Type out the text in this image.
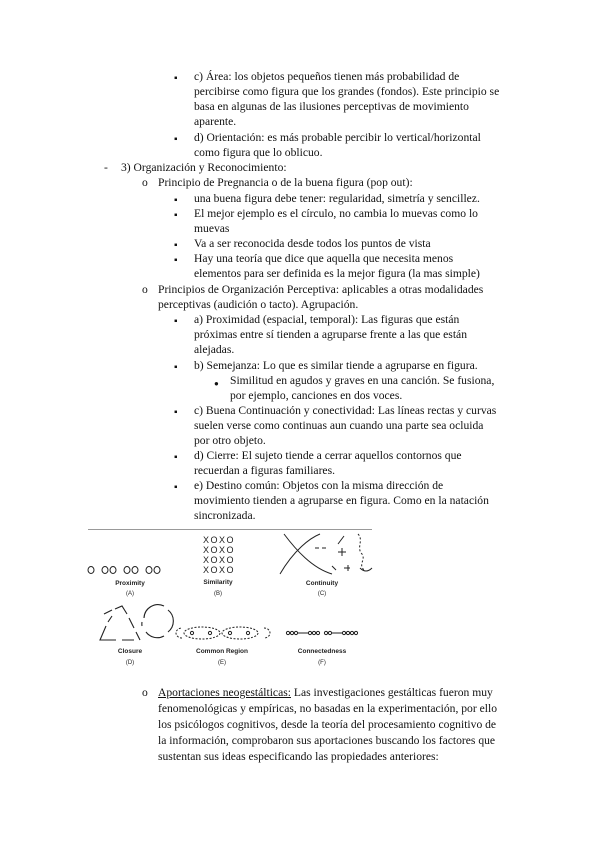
▪ c) Área: los objetos pequeños tienen más probabilidad de
percibirse como figura que los grandes (fondos). Este principio se
basa en algunas de las ilusiones perceptivas de movimiento
aparente.
▪ d) Orientación: es más probable percibir lo vertical/horizontal
como figura que lo oblicuo.
- 3) Organización y Reconocimiento:
o Principio de Pregnancia o de la buena figura (pop out):
▪ una buena figura debe tener: regularidad, simetría y sencillez.
▪ El mejor ejemplo es el círculo, no cambia lo muevas como lo
muevas
▪ Va a ser reconocida desde todos los puntos de vista
▪ Hay una teoría que dice que aquella que necesita menos
elementos para ser definida es la mejor figura (la mas simple)
o Principios de Organización Perceptiva: aplicables a otras modalidades
perceptivas (audición o tacto). Agrupación.
▪ a) Proximidad (espacial, temporal): Las figuras que están
próximas entre sí tienden a agruparse frente a las que están
alejadas.
▪ b) Semejanza: Lo que es similar tiende a agruparse en figura.
● Similitud en agudos y graves en una canción. Se fusiona,
por ejemplo, canciones en dos voces.
▪ c) Buena Continuación y conectividad: Las líneas rectas y curvas
suelen verse como continuas aun cuando una parte sea ocluida
por otro objeto.
▪ d) Cierre: El sujeto tiende a cerrar aquellos contornos que
recuerdan a figuras familiares.
▪ e) Destino común: Objetos con la misma dirección de
movimiento tienden a agruparse en figura. Como en la natación
sincronizada.
X O X O
X O X O
X O X O
X O X O
Proximity	Similarity	Continuity
Closure	Common Region	Connectedness
(A)	(B)	(C)
(D)	(E)	(F)
o Aportaciones neogestálticas: Las investigaciones gestálticas fueron muy
fenomenológicas y empíricas, no basadas en la experimentación, por ello
los psicólogos cognitivos, desde la teoría del procesamiento cognitivo de
la información, comprobaron sus aportaciones buscando los factores que
sustentan sus ideas especificando las propiedades anteriores:
